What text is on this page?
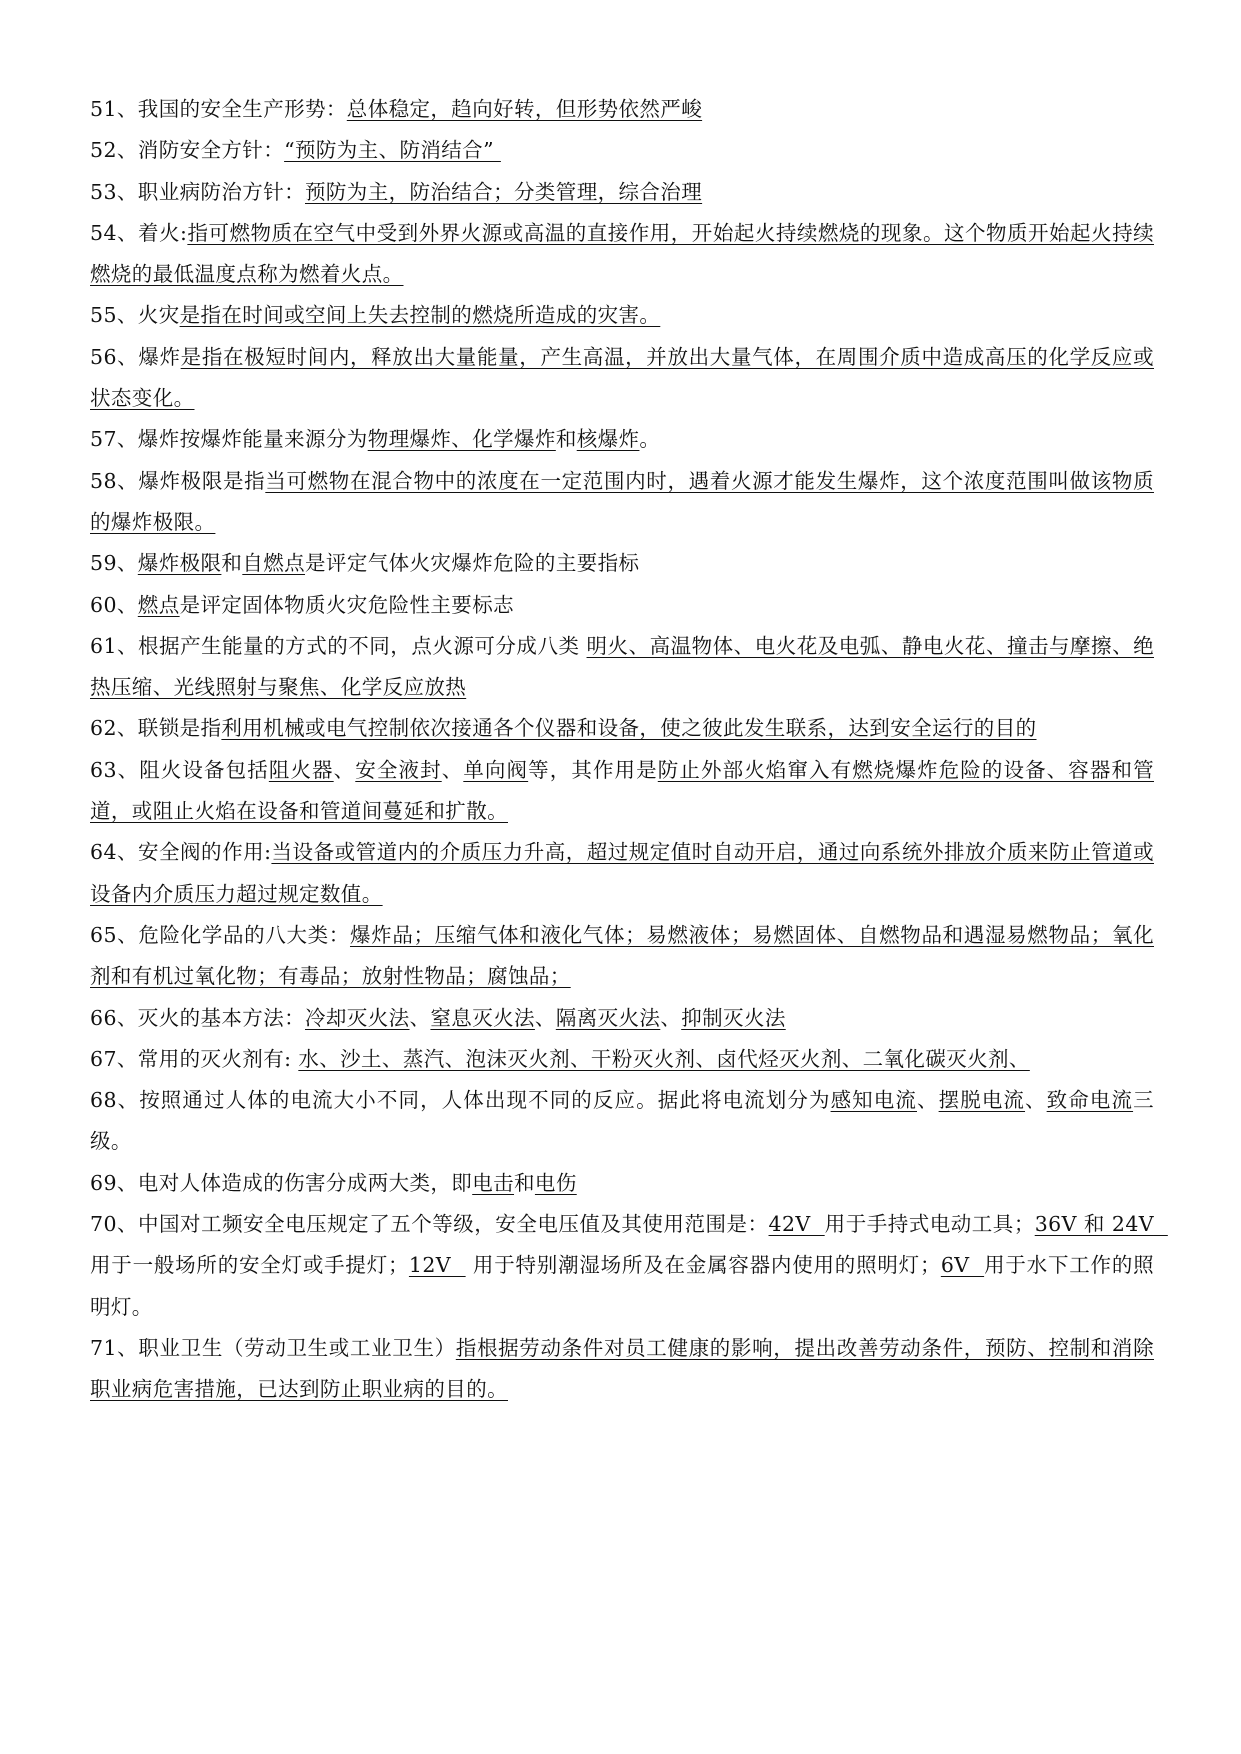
51、我国的安全生产形势：总体稳定，趋向好转，但形势依然严峻
52、消防安全方针：“预防为主、防消结合”
53、职业病防治方针：预防为主，防治结合；分类管理，综合治理
54、着火:指可燃物质在空气中受到外界火源或高温的直接作用，开始起火持续燃烧的现象。这个物质开始起火持续燃烧的最低温度点称为燃着火点。
55、火灾是指在时间或空间上失去控制的燃烧所造成的灾害。
56、爆炸是指在极短时间内，释放出大量能量，产生高温，并放出大量气体，在周围介质中造成高压的化学反应或状态变化。
57、爆炸按爆炸能量来源分为物理爆炸、化学爆炸和核爆炸。
58、爆炸极限是指当可燃物在混合物中的浓度在一定范围内时，遇着火源才能发生爆炸，这个浓度范围叫做该物质的爆炸极限。
59、爆炸极限和自燃点是评定气体火灾爆炸危险的主要指标
60、燃点是评定固体物质火灾危险性主要标志
61、根据产生能量的方式的不同，点火源可分成八类 明火、高温物体、电火花及电弧、静电火花、撞击与摩擦、绝热压缩、光线照射与聚焦、化学反应放热
62、联锁是指利用机械或电气控制依次接通各个仪器和设备，使之彼此发生联系，达到安全运行的目的
63、阻火设备包括阻火器、安全液封、单向阀等，其作用是防止外部火焰窜入有燃烧爆炸危险的设备、容器和管道，或阻止火焰在设备和管道间蔓延和扩散。
64、安全阀的作用:当设备或管道内的介质压力升高，超过规定值时自动开启，通过向系统外排放介质来防止管道或设备内介质压力超过规定数值。
65、危险化学品的八大类：爆炸品；压缩气体和液化气体；易燃液体；易燃固体、自燃物品和遇湿易燃物品；氧化剂和有机过氧化物；有毒品；放射性物品；腐蚀品；
66、灭火的基本方法：冷却灭火法、窒息灭火法、隔离灭火法、抑制灭火法
67、常用的灭火剂有: 水、沙土、蒸汽、泡沫灭火剂、干粉灭火剂、卤代烃灭火剂、二氧化碳灭火剂、
68、按照通过人体的电流大小不同，人体出现不同的反应。据此将电流划分为感知电流、摆脱电流、致命电流三级。
69、电对人体造成的伤害分成两大类，即电击和电伤
70、中国对工频安全电压规定了五个等级，安全电压值及其使用范围是：42V  用于手持式电动工具；36V 和 24V   用于一般场所的安全灯或手提灯；12V   用于特别潮湿场所及在金属容器内使用的照明灯；6V  用于水下工作的照明灯。
71、职业卫生（劳动卫生或工业卫生）指根据劳动条件对员工健康的影响，提出改善劳动条件，预防、控制和消除职业病危害措施，已达到防止职业病的目的。
